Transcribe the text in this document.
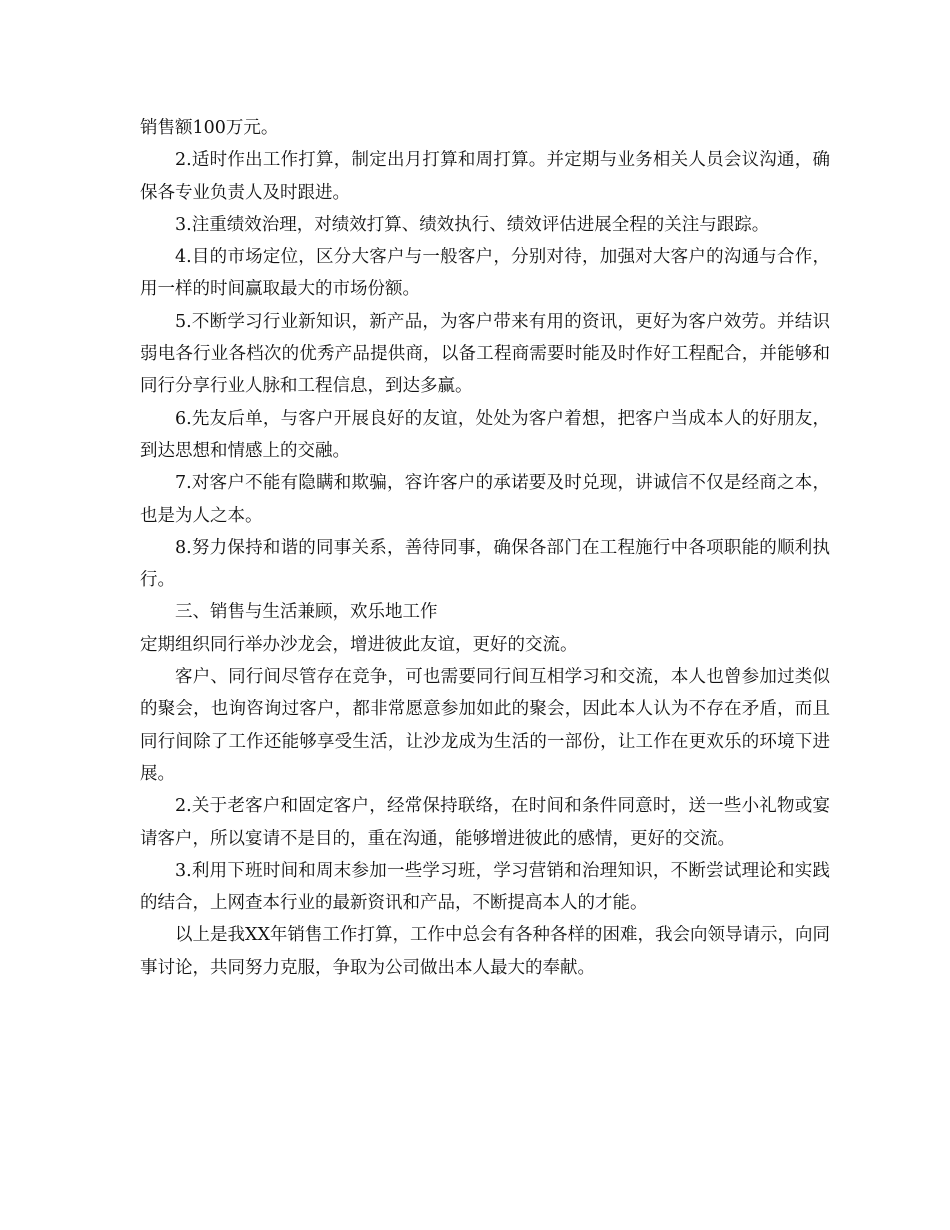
销售额100万元。

2.适时作出工作打算，制定出月打算和周打算。并定期与业务相关人员会议沟通，确保各专业负责人及时跟进。

3.注重绩效治理，对绩效打算、绩效执行、绩效评估进展全程的关注与跟踪。

4.目的市场定位，区分大客户与一般客户，分别对待，加强对大客户的沟通与合作，用一样的时间赢取最大的市场份额。

5.不断学习行业新知识，新产品，为客户带来有用的资讯，更好为客户效劳。并结识弱电各行业各档次的优秀产品提供商，以备工程商需要时能及时作好工程配合，并能够和同行分享行业人脉和工程信息，到达多赢。

6.先友后单，与客户开展良好的友谊，处处为客户着想，把客户当成本人的好朋友，到达思想和情感上的交融。

7.对客户不能有隐瞒和欺骗，容许客户的承诺要及时兑现，讲诚信不仅是经商之本，也是为人之本。

8.努力保持和谐的同事关系，善待同事，确保各部门在工程施行中各项职能的顺利执行。

三、销售与生活兼顾，欢乐地工作

定期组织同行举办沙龙会，增进彼此友谊，更好的交流。

客户、同行间尽管存在竞争，可也需要同行间互相学习和交流，本人也曾参加过类似的聚会，也询咨询过客户，都非常愿意参加如此的聚会，因此本人认为不存在矛盾，而且同行间除了工作还能够享受生活，让沙龙成为生活的一部份，让工作在更欢乐的环境下进展。

2.关于老客户和固定客户，经常保持联络，在时间和条件同意时，送一些小礼物或宴请客户，所以宴请不是目的，重在沟通，能够增进彼此的感情，更好的交流。

3.利用下班时间和周末参加一些学习班，学习营销和治理知识，不断尝试理论和实践的结合，上网查本行业的最新资讯和产品，不断提高本人的才能。

以上是我XX年销售工作打算，工作中总会有各种各样的困难，我会向领导请示，向同事讨论，共同努力克服，争取为公司做出本人最大的奉献。
